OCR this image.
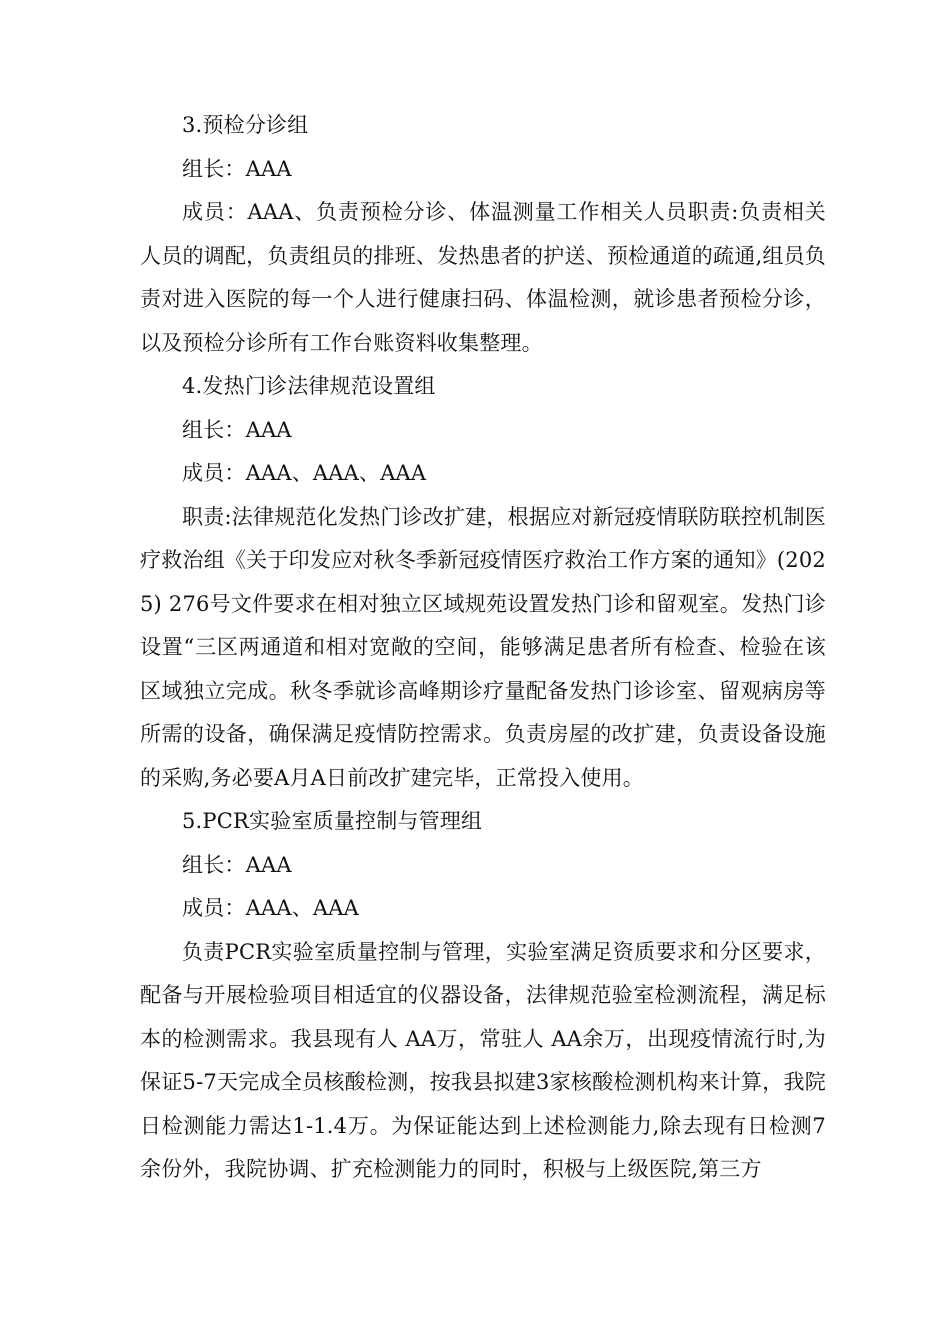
3.预检分诊组

组长：AAA

成员：AAA、负责预检分诊、体温测量工作相关人员职责:负责相关人员的调配，负责组员的排班、发热患者的护送、预检通道的疏通,组员负责对进入医院的每一个人进行健康扫码、体温检测，就诊患者预检分诊，以及预检分诊所有工作台账资料收集整理。

4.发热门诊法律规范设置组

组长：AAA

成员：AAA、AAA、AAA

职责:法律规范化发热门诊改扩建，根据应对新冠疫情联防联控机制医疗救治组《关于印发应对秋冬季新冠疫情医疗救治工作方案的通知》(2025) 276号文件要求在相对独立区域规苑设置发热门诊和留观室。发热门诊设置“三区两通道和相对宽敞的空间，能够满足患者所有检查、检验在该区域独立完成。秋冬季就诊高峰期诊疗量配备发热门诊诊室、留观病房等所需的设备，确保满足疫情防控需求。负责房屋的改扩建，负责设备设施的采购,务必要A月A日前改扩建完毕，正常投入使用。

5.PCR实验室质量控制与管理组

组长：AAA

成员：AAA、AAA

负责PCR实验室质量控制与管理，实验室满足资质要求和分区要求，配备与开展检验项目相适宜的仪器设备，法律规范验室检测流程，满足标本的检测需求。我县现有人 AA万，常驻人 AA余万，出现疫情流行时,为保证5-7天完成全员核酸检测，按我县拟建3家核酸检测机构来计算，我院日检测能力需达1-1.4万。为保证能达到上述检测能力,除去现有日检测7余份外，我院协调、扩充检测能力的同时，积极与上级医院,第三方
